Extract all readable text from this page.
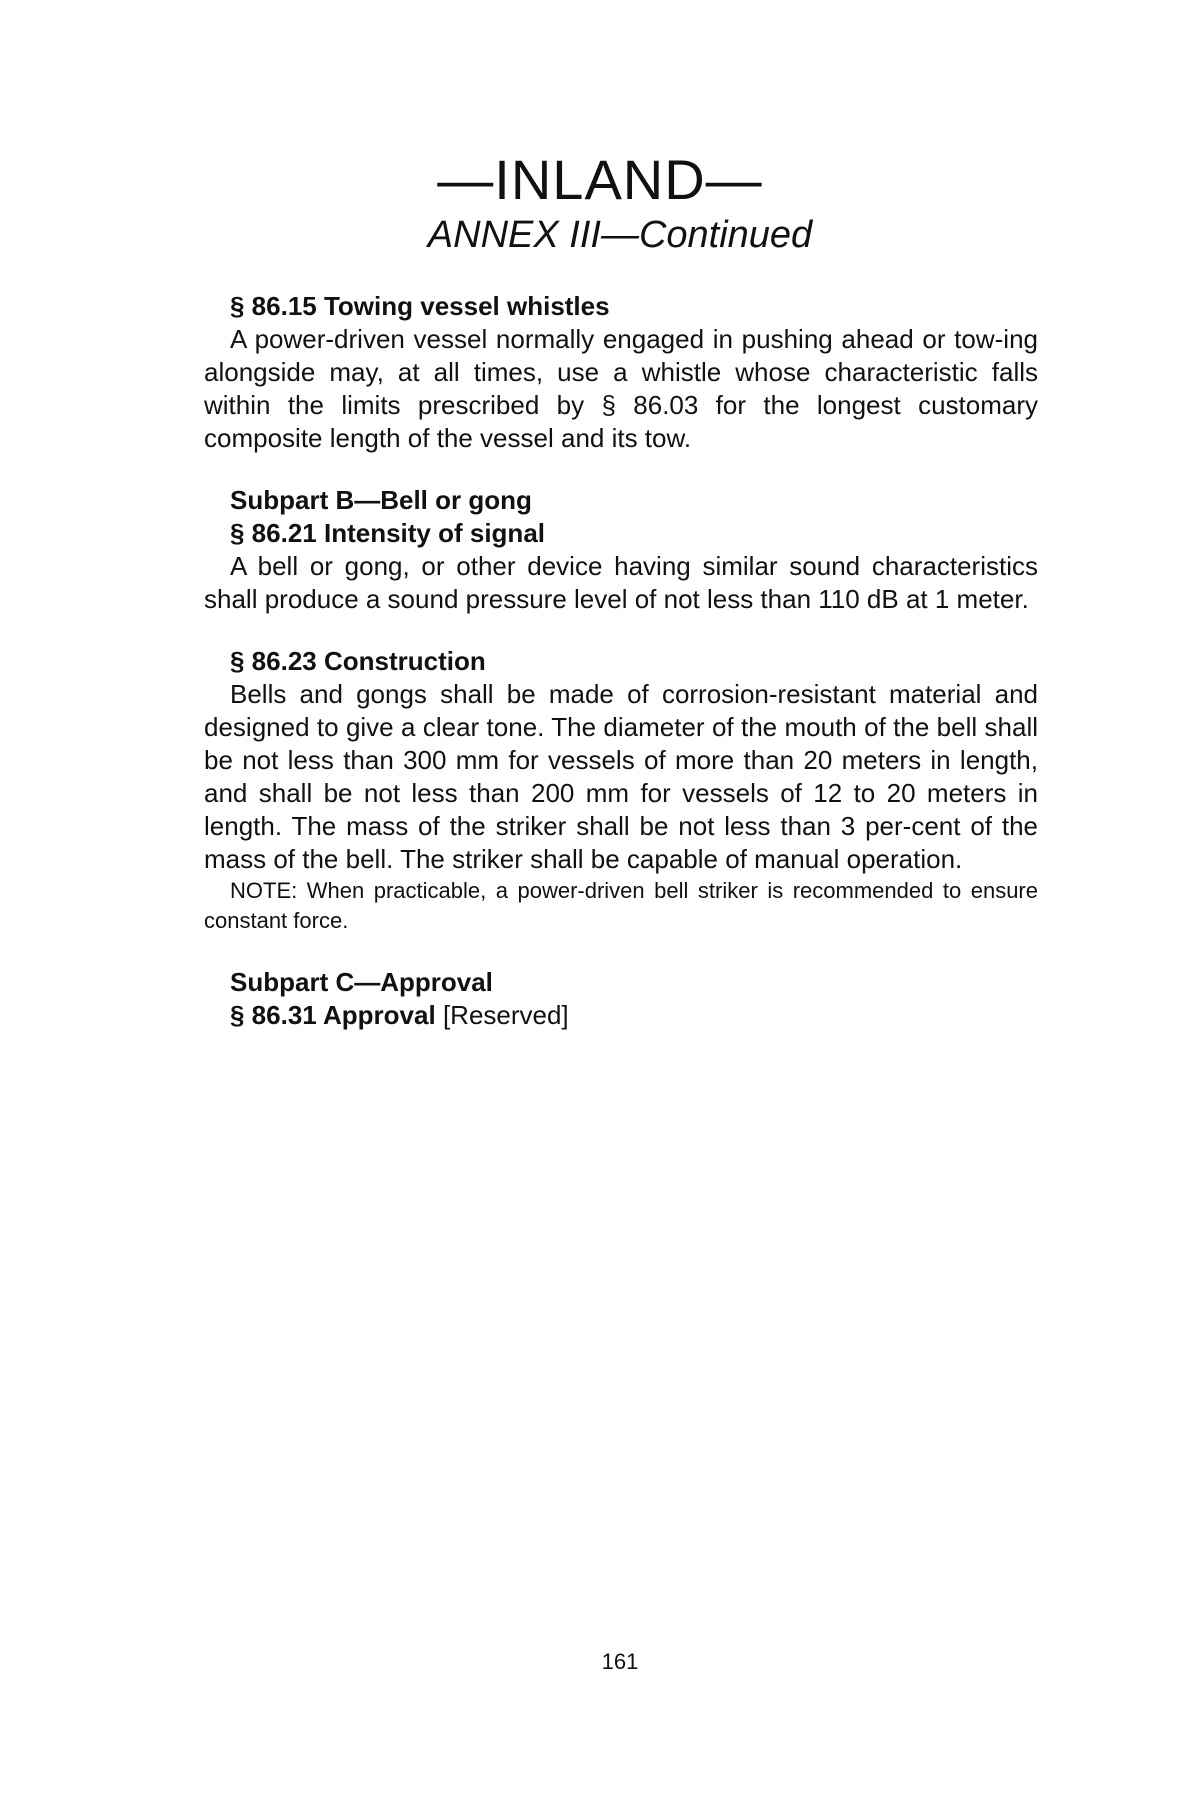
—INLAND—
ANNEX III—Continued

§ 86.15 Towing vessel whistles

A power-driven vessel normally engaged in pushing ahead or tow-ing alongside may, at all times, use a whistle whose characteristic falls within the limits prescribed by § 86.03 for the longest customary composite length of the vessel and its tow.

Subpart B—Bell or gong

§ 86.21 Intensity of signal

A bell or gong, or other device having similar sound characteristics shall produce a sound pressure level of not less than 110 dB at 1 meter.

§ 86.23 Construction

Bells and gongs shall be made of corrosion-resistant material and designed to give a clear tone. The diameter of the mouth of the bell shall be not less than 300 mm for vessels of more than 20 meters in length, and shall be not less than 200 mm for vessels of 12 to 20 meters in length. The mass of the striker shall be not less than 3 per-cent of the mass of the bell. The striker shall be capable of manual operation.

NOTE: When practicable, a power-driven bell striker is recommended to ensure constant force.

Subpart C—Approval

§ 86.31 Approval [Reserved]

161
